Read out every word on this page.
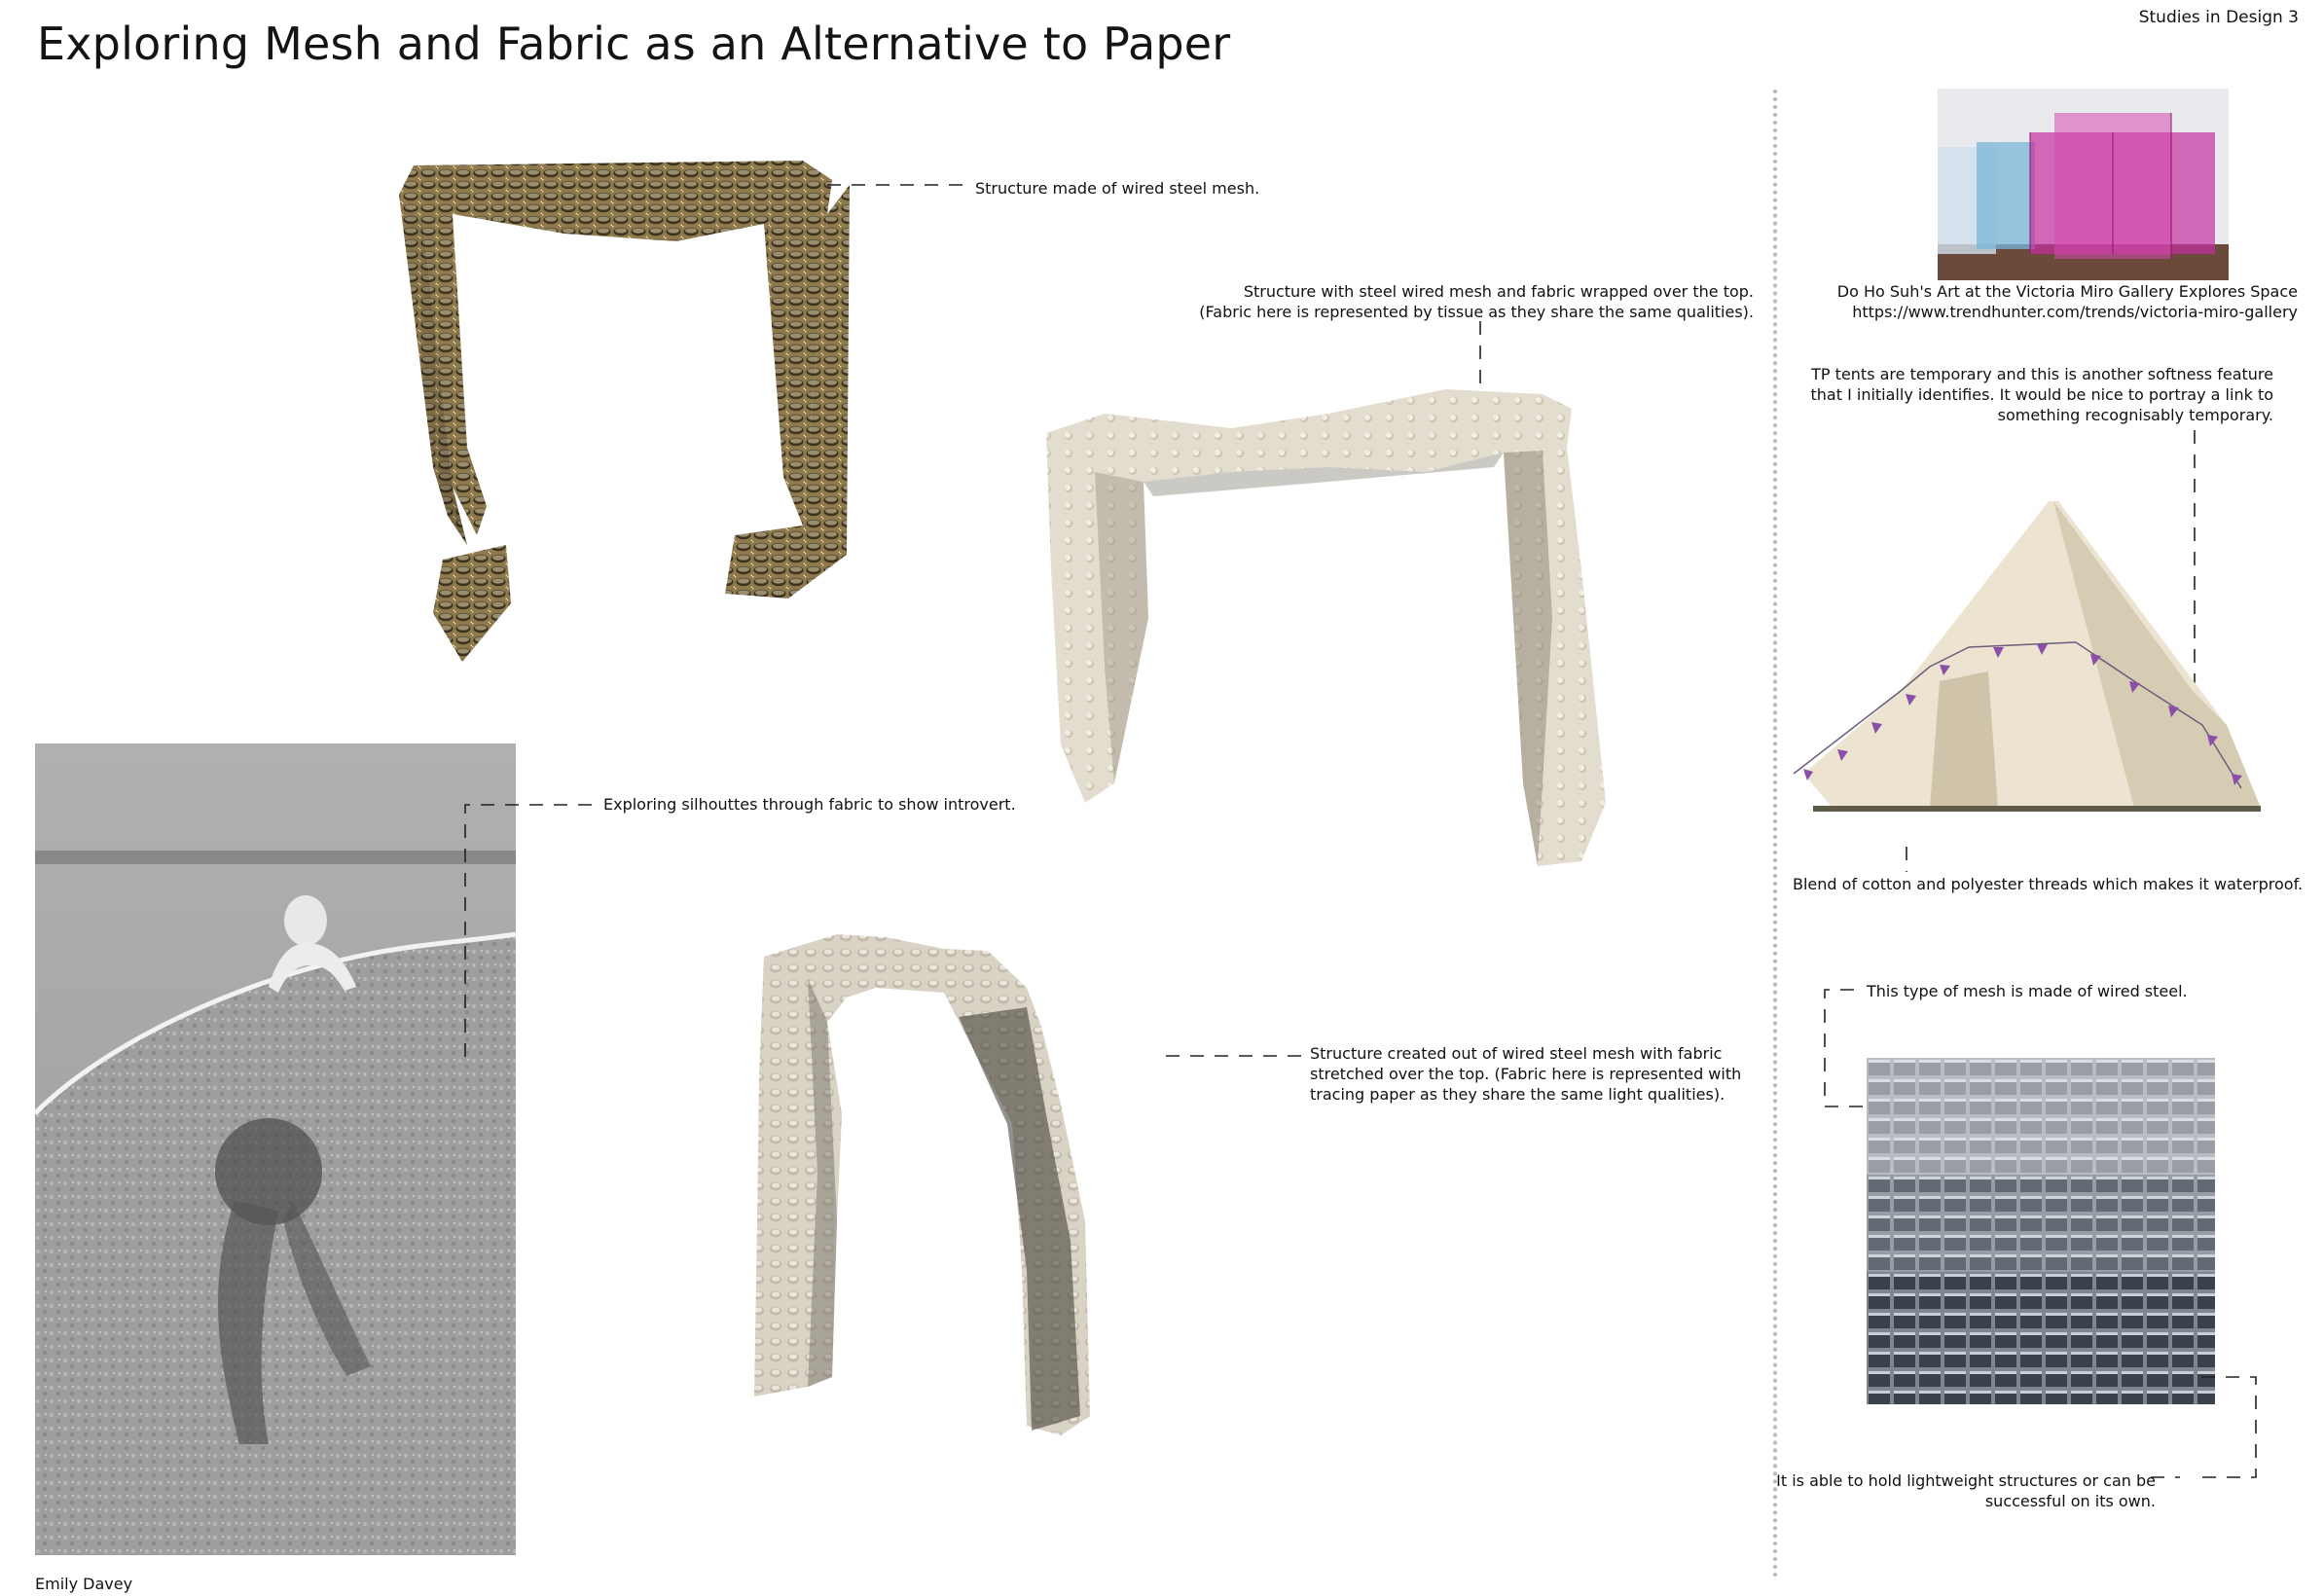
Exploring Mesh and Fabric as an Alternative to Paper	Studies in Design 3
Structure made of wired steel mesh.
Structure with steel wired mesh and fabric wrapped over the top.
(Fabric here is represented by tissue as they share the same qualities).
Structure created out of wired steel mesh with fabric
stretched over the top. (Fabric here is represented with
tracing paper as they share the same light qualities).
Exploring silhouttes through fabric to show introvert.
Do Ho Suh's Art at the Victoria Miro Gallery Explores Space
https://www.trendhunter.com/trends/victoria-miro-gallery
TP tents are temporary and this is another softness feature
that I initially identifies. It would be nice to portray a link to
something recognisably temporary.
Blend of cotton and polyester threads which makes it waterproof.
This type of mesh is made of wired steel.
It is able to hold lightweight structures or can be
successful on its own.
Emily Davey
